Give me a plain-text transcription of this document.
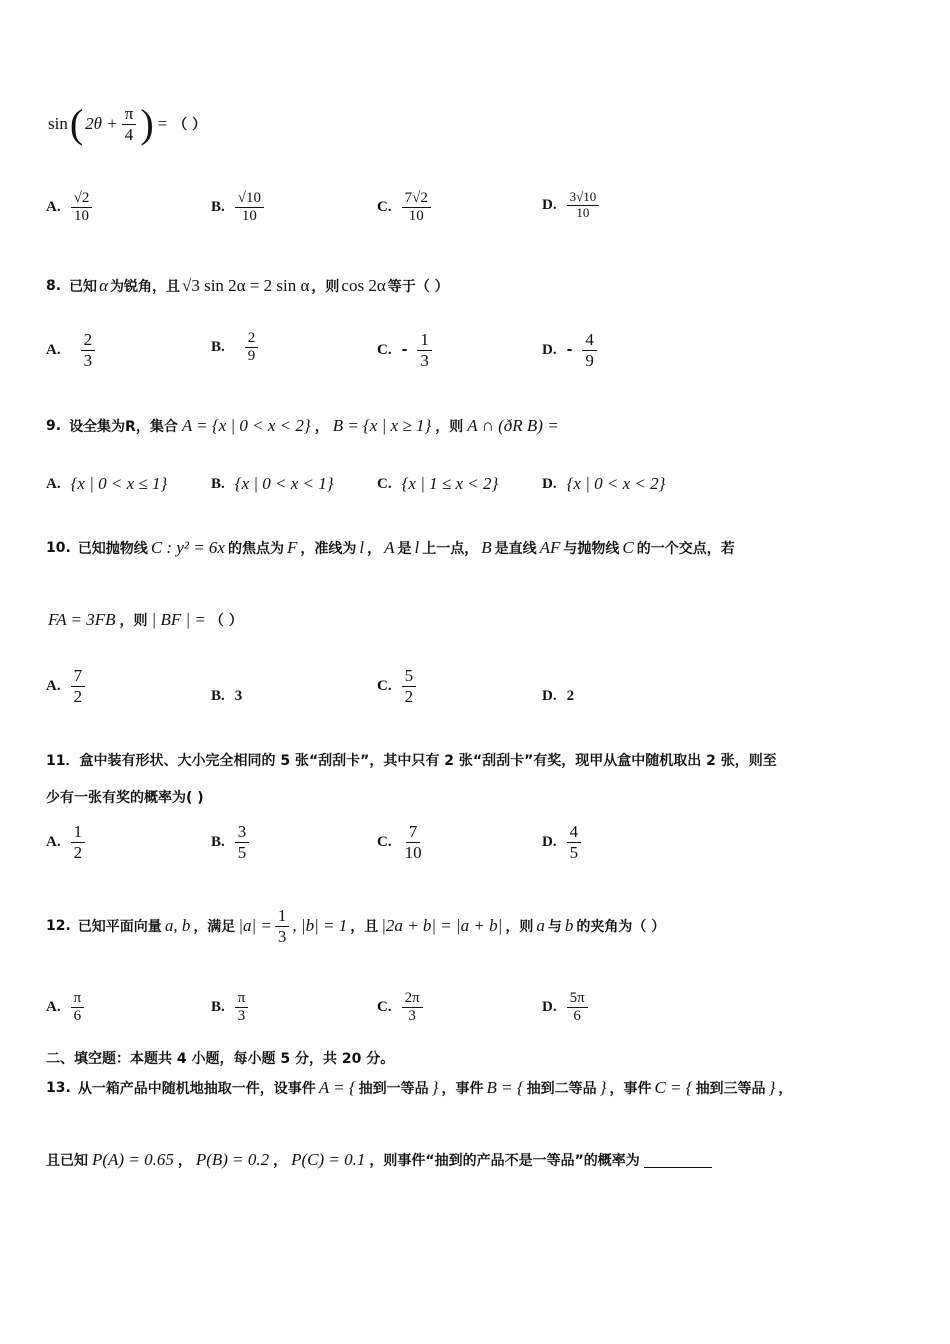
sin ( $2\theta + \frac{\pi}{4}$ ) = （ ）
A. $\frac{√2}{10}$	B. $\frac{√10}{10}$	C. $\frac{7√2}{10}$	D. $\frac{3√10}{10}$
8. 已知 α 为锐角，且 √3 sin 2α = 2 sin α ，则 cos 2α 等于（ ）
A. $\frac{2}{3}$	B. $\frac{2}{9}$	C. - $\frac{1}{3}$	D. - $\frac{4}{9}$
9. 设全集为R，集合 A = {x | 0 < x < 2} ， B = {x | x ≥ 1} ，则 A ∩ (ðR B) =
A. {x | 0 < x ≤ 1}	B. {x | 0 < x < 1}	C. {x | 1 ≤ x < 2}	D. {x | 0 < x < 2}
10. 已知抛物线 C : y² = 6x 的焦点为 F ，准线为 l ， A 是 l 上一点， B 是直线 AF 与抛物线 C 的一个交点，若
FA = 3FB ，则 | BF | = （ ）
A. $\frac{7}{2}$	B. 3
C. $\frac{5}{2}$	D. 2
11．盒中装有形状、大小完全相同的 5 张“刮刮卡”，其中只有 2 张“刮刮卡”有奖，现甲从盒中随机取出 2 张，则至
少有一张有奖的概率为( )
A. $\frac{1}{2}$	B. $\frac{3}{5}$	C. $\frac{7}{10}$	D. $\frac{4}{5}$
12. 已知平面向量 a, b ，满足 $|a| = \frac{1}{3}$ , |b| = 1 ，且 |2a + b| = |a + b| ，则 a 与 b 的夹角为（ ）
A. $\frac{\pi}{6}$	B. $\frac{\pi}{3}$	C. $\frac{2\pi}{3}$	D. $\frac{5\pi}{6}$
二、填空题：本题共 4 小题，每小题 5 分，共 20 分。
13. 从一箱产品中随机地抽取一件，设事件 A = { 抽到一等品 } ，事件 B = { 抽到二等品 } ，事件 C = { 抽到三等品 } ，
且已知 P(A) = 0.65 ， P(B) = 0.2 ， P(C) = 0.1 ，则事件“抽到的产品不是一等品”的概率为
